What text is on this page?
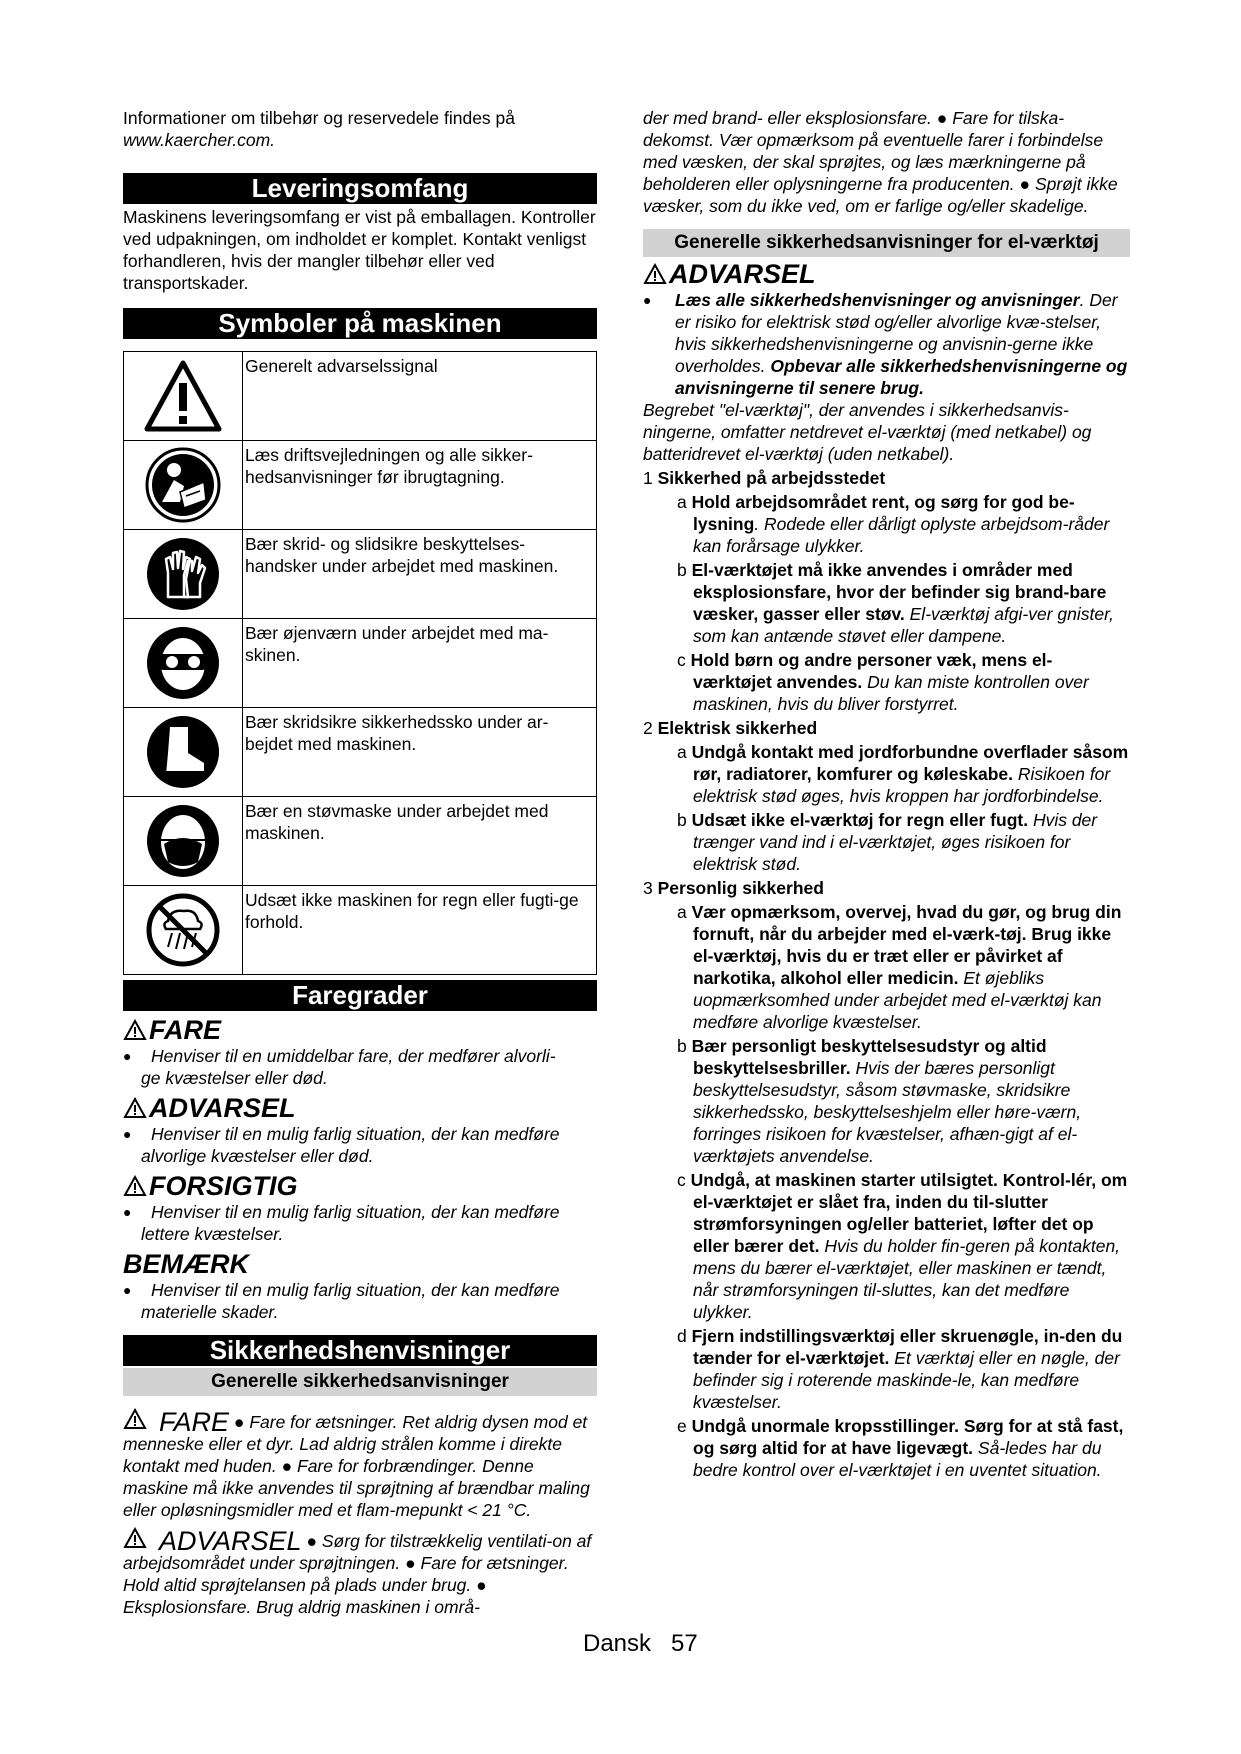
Informationer om tilbehør og reservedele findes på

www.kaercher.com.

Leveringsomfang

Maskinens leveringsomfang er vist på emballagen. Kontroller ved udpakningen, om indholdet er komplet. Kontakt venligst forhandleren, hvis der mangler tilbehør eller ved transportskader.

Symboler på maskinen
	Generelt advarselssignal

	Læs driftsvejledningen og alle sikker-hedsanvisninger før ibrugtagning.

	Bær skrid- og slidsikre beskyttelses-handsker under arbejdet med maskinen.

	Bær øjenværn under arbejdet med ma-skinen.

	Bær skridsikre sikkerhedssko under ar-bejdet med maskinen.

	Bær en støvmaske under arbejdet med maskinen.

	Udsæt ikke maskinen for regn eller fugti-ge forhold.
Faregrader
FARE
● Henviser til en umiddelbar fare, der medfører alvorli-
ge kvæstelser eller død.
ADVARSEL
● Henviser til en mulig farlig situation, der kan medføre
alvorlige kvæstelser eller død.
FORSIGTIG
● Henviser til en mulig farlig situation, der kan medføre
lettere kvæstelser.
BEMÆRK
● Henviser til en mulig farlig situation, der kan medføre
materielle skader.
Sikkerhedshenvisninger
Generelle sikkerhedsanvisninger

FARE ● Fare for ætsninger. Ret aldrig dysen mod et menneske eller et dyr. Lad aldrig strålen komme i direkte kontakt med huden. ● Fare for forbrændinger. Denne maskine må ikke anvendes til sprøjtning af brændbar maling eller opløsningsmidler med et flam-mepunkt < 21 °C.

ADVARSEL ● Sørg for tilstrækkelig ventilati-on af arbejdsområdet under sprøjtningen. ● Fare for ætsninger. Hold altid sprøjtelansen på plads under brug. ● Eksplosionsfare. Brug aldrig maskinen i områ-

der med brand- eller eksplosionsfare. ● Fare for tilska-dekomst. Vær opmærksom på eventuelle farer i forbindelse med væsken, der skal sprøjtes, og læs mærkningerne på beholderen eller oplysningerne fra producenten. ● Sprøjt ikke væsker, som du ikke ved, om er farlige og/eller skadelige.

Generelle sikkerhedsanvisninger for el-værktøj
ADVARSEL
● Læs alle sikkerhedshenvisninger og anvisninger. Der er risiko for elektrisk stød og/eller alvorlige kvæ-stelser, hvis sikkerhedshenvisningerne og anvisnin-gerne ikke overholdes. Opbevar alle sikkerhedshenvisningerne og anvisningerne til senere brug.

Begrebet "el-værktøj", der anvendes i sikkerhedsanvis-ningerne, omfatter netdrevet el-værktøj (med netkabel) og batteridrevet el-værktøj (uden netkabel).

1 Sikkerhed på arbejdsstedet

a Hold arbejdsområdet rent, og sørg for god be-lysning. Rodede eller dårligt oplyste arbejdsom-råder kan forårsage ulykker.

b El-værktøjet må ikke anvendes i områder med eksplosionsfare, hvor der befinder sig brand-bare væsker, gasser eller støv. El-værktøj afgi-ver gnister, som kan antænde støvet eller dampene.

c Hold børn og andre personer væk, mens el-værktøjet anvendes. Du kan miste kontrollen over maskinen, hvis du bliver forstyrret.

2 Elektrisk sikkerhed

a Undgå kontakt med jordforbundne overflader såsom rør, radiatorer, komfurer og køleskabe. Risikoen for elektrisk stød øges, hvis kroppen har jordforbindelse.

b Udsæt ikke el-værktøj for regn eller fugt. Hvis der trænger vand ind i el-værktøjet, øges risikoen for elektrisk stød.

3 Personlig sikkerhed

a Vær opmærksom, overvej, hvad du gør, og brug din fornuft, når du arbejder med el-værk-tøj. Brug ikke el-værktøj, hvis du er træt eller er påvirket af narkotika, alkohol eller medicin. Et øjebliks uopmærksomhed under arbejdet med el-værktøj kan medføre alvorlige kvæstelser.

b Bær personligt beskyttelsesudstyr og altid beskyttelsesbriller. Hvis der bæres personligt beskyttelsesudstyr, såsom støvmaske, skridsikre sikkerhedssko, beskyttelseshjelm eller høre-værn, forringes risikoen for kvæstelser, afhæn-gigt af el-værktøjets anvendelse.

c Undgå, at maskinen starter utilsigtet. Kontrol-lér, om el-værktøjet er slået fra, inden du til-slutter strømforsyningen og/eller batteriet, løfter det op eller bærer det. Hvis du holder fin-geren på kontakten, mens du bærer el-værktøjet, eller maskinen er tændt, når strømforsyningen til-sluttes, kan det medføre ulykker.

d Fjern indstillingsværktøj eller skruenøgle, in-den du tænder for el-værktøjet. Et værktøj eller en nøgle, der befinder sig i roterende maskinde-le, kan medføre kvæstelser.

e Undgå unormale kropsstillinger. Sørg for at stå fast, og sørg altid for at have ligevægt. Så-ledes har du bedre kontrol over el-værktøjet i en uventet situation.

Dansk 57
